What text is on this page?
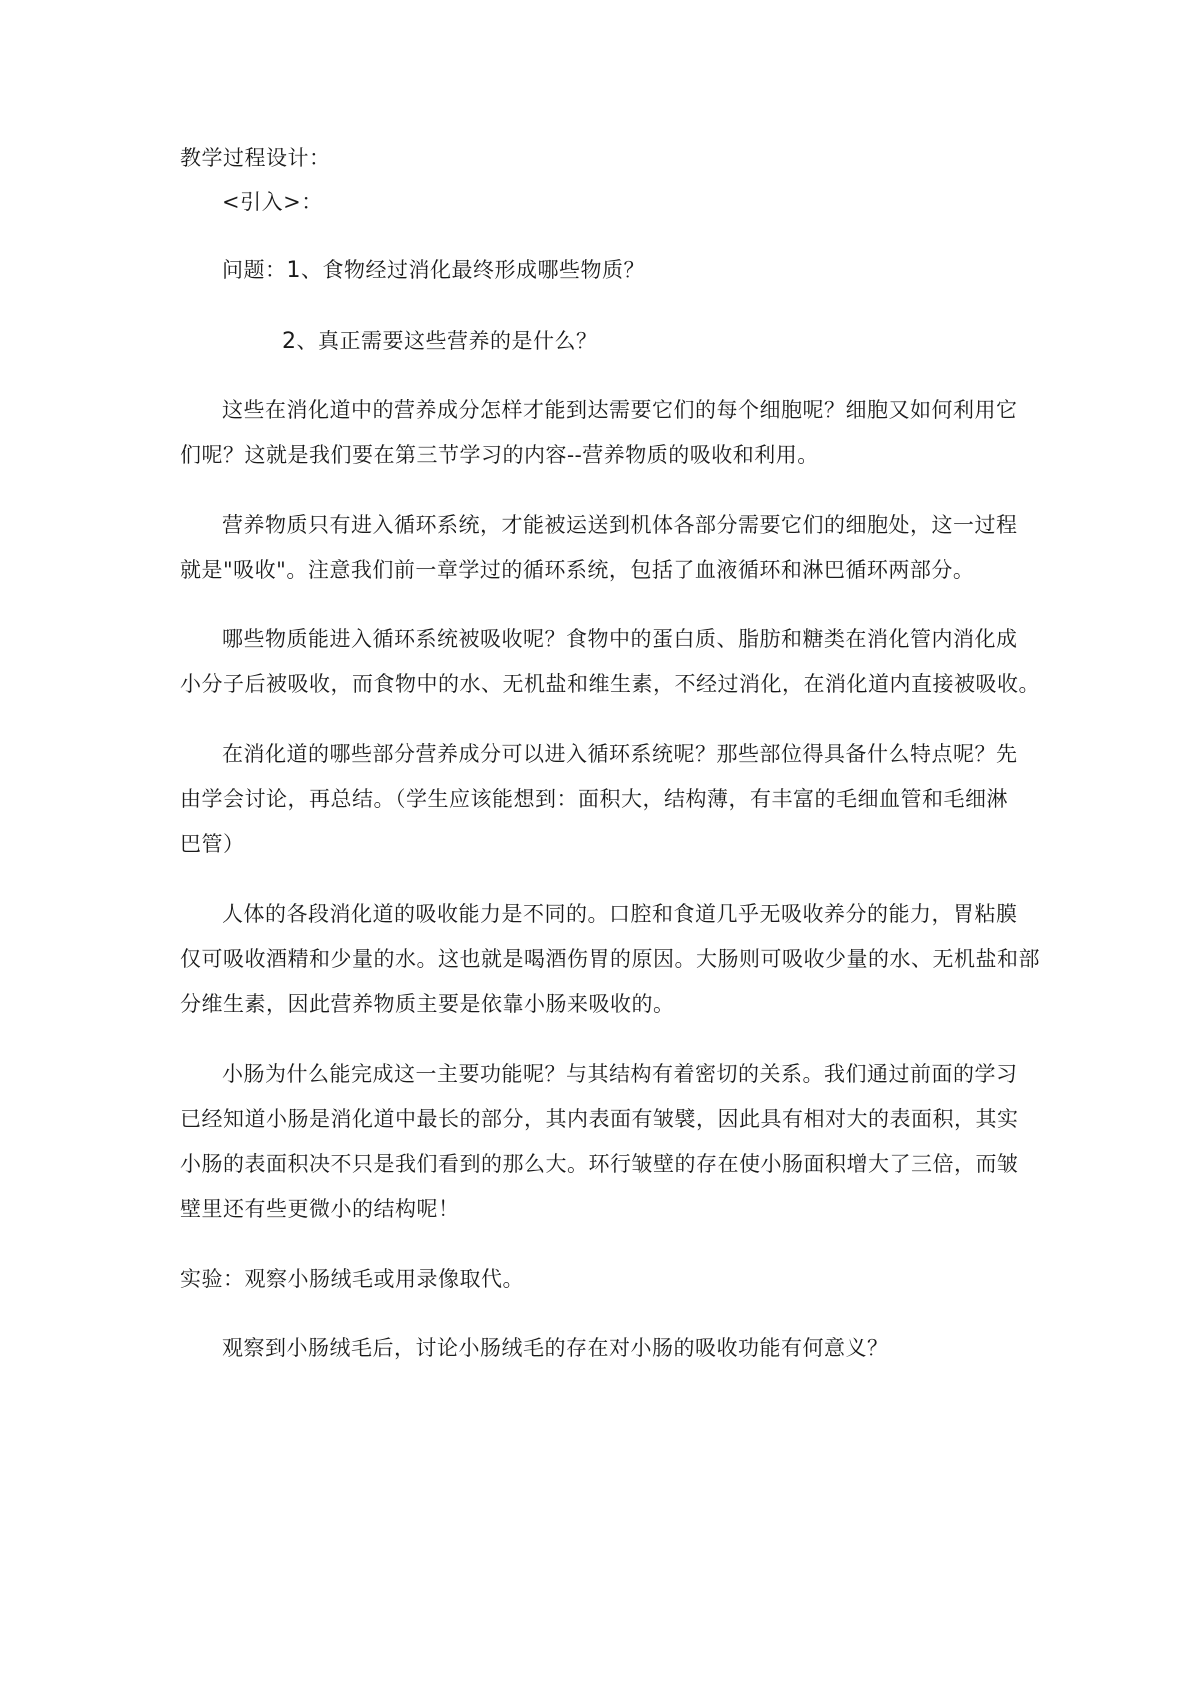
教学过程设计：
<引入>：
问题：1、食物经过消化最终形成哪些物质？
2、真正需要这些营养的是什么？
这些在消化道中的营养成分怎样才能到达需要它们的每个细胞呢？细胞又如何利用它
们呢？这就是我们要在第三节学习的内容--营养物质的吸收和利用。
营养物质只有进入循环系统，才能被运送到机体各部分需要它们的细胞处，这一过程
就是"吸收"。注意我们前一章学过的循环系统，包括了血液循环和淋巴循环两部分。
哪些物质能进入循环系统被吸收呢？食物中的蛋白质、脂肪和糖类在消化管内消化成
小分子后被吸收，而食物中的水、无机盐和维生素，不经过消化，在消化道内直接被吸收。
在消化道的哪些部分营养成分可以进入循环系统呢？那些部位得具备什么特点呢？先
由学会讨论，再总结。（学生应该能想到：面积大，结构薄，有丰富的毛细血管和毛细淋
巴管）
人体的各段消化道的吸收能力是不同的。口腔和食道几乎无吸收养分的能力，胃粘膜
仅可吸收酒精和少量的水。这也就是喝酒伤胃的原因。大肠则可吸收少量的水、无机盐和部
分维生素，因此营养物质主要是依靠小肠来吸收的。
小肠为什么能完成这一主要功能呢？与其结构有着密切的关系。我们通过前面的学习
已经知道小肠是消化道中最长的部分，其内表面有皱襞，因此具有相对大的表面积，其实
小肠的表面积决不只是我们看到的那么大。环行皱壁的存在使小肠面积增大了三倍，而皱
壁里还有些更微小的结构呢！
实验：观察小肠绒毛或用录像取代。
观察到小肠绒毛后，讨论小肠绒毛的存在对小肠的吸收功能有何意义？
